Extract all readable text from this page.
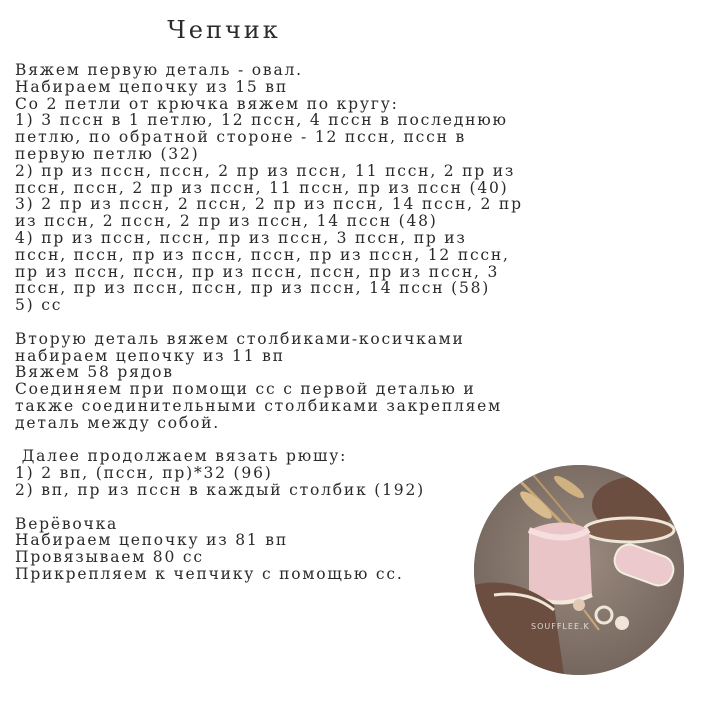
Чепчик
Вяжем первую деталь - овал.
Набираем цепочку из 15 вп
Со 2 петли от крючка вяжем по кругу:
1) 3 пссн в 1 петлю, 12 пссн, 4 пссн в последнюю
петлю, по обратной стороне - 12 пссн, пссн в
первую петлю (32)
2) пр из пссн, пссн, 2 пр из пссн, 11 пссн, 2 пр из
пссн, пссн, 2 пр из пссн, 11 пссн, пр из пссн (40)
3) 2 пр из пссн, 2 пссн, 2 пр из пссн, 14 пссн, 2 пр
из пссн, 2 пссн, 2 пр из пссн, 14 пссн (48)
4) пр из пссн, пссн, пр из пссн, 3 пссн, пр из
пссн, пссн, пр из пссн, пссн, пр из пссн, 12 пссн,
пр из пссн, пссн, пр из пссн, пссн, пр из пссн, 3
пссн, пр из пссн, пссн, пр из пссн, 14 пссн (58)
5) сс
Вторую деталь вяжем столбиками-косичками
набираем цепочку из 11 вп
Вяжем 58 рядов
Соединяем при помощи сс с первой деталью и
также соединительными столбиками закрепляем
деталь между собой.
Далее продолжаем вязать рюшу:
1) 2 вп, (пссн, пр)*32 (96)
2) вп, пр из пссн в каждый столбик (192)
Верёвочка
Набираем цепочку из 81 вп
Провязываем 80 сс
Прикрепляем к чепчику с помощью сс.
SOUFFLEE.K
